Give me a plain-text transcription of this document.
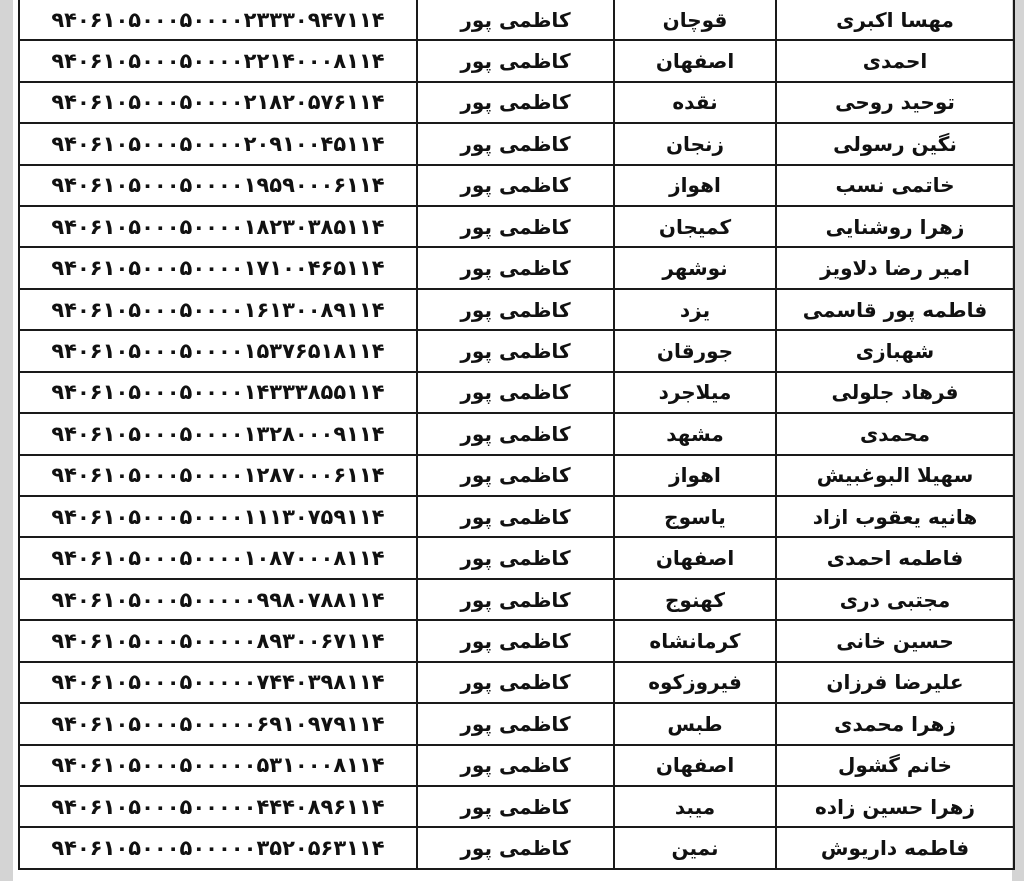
مهسا اکبری	قوچان	کاظمی پور	۹۴۰۶۱۰۵۰۰۰۵۰۰۰۰۲۳۳۳۰۹۴۷۱۱۴
احمدی	اصفهان	کاظمی پور	۹۴۰۶۱۰۵۰۰۰۵۰۰۰۰۲۲۱۴۰۰۰۸۱۱۴
توحید روحی	نقده	کاظمی پور	۹۴۰۶۱۰۵۰۰۰۵۰۰۰۰۲۱۸۲۰۵۷۶۱۱۴
نگین رسولی	زنجان	کاظمی پور	۹۴۰۶۱۰۵۰۰۰۵۰۰۰۰۲۰۹۱۰۰۴۵۱۱۴
خاتمی نسب	اهواز	کاظمی پور	۹۴۰۶۱۰۵۰۰۰۵۰۰۰۰۱۹۵۹۰۰۰۶۱۱۴
زهرا روشنایی	کمیجان	کاظمی پور	۹۴۰۶۱۰۵۰۰۰۵۰۰۰۰۱۸۲۳۰۳۸۵۱۱۴
امیر رضا دلاویز	نوشهر	کاظمی پور	۹۴۰۶۱۰۵۰۰۰۵۰۰۰۰۱۷۱۰۰۴۶۵۱۱۴
فاطمه پور قاسمی	یزد	کاظمی پور	۹۴۰۶۱۰۵۰۰۰۵۰۰۰۰۱۶۱۳۰۰۸۹۱۱۴
شهبازی	جورقان	کاظمی پور	۹۴۰۶۱۰۵۰۰۰۵۰۰۰۰۱۵۳۷۶۵۱۸۱۱۴
فرهاد جلولی	میلاجرد	کاظمی پور	۹۴۰۶۱۰۵۰۰۰۵۰۰۰۰۱۴۳۳۳۸۵۵۱۱۴
محمدی	مشهد	کاظمی پور	۹۴۰۶۱۰۵۰۰۰۵۰۰۰۰۱۳۲۸۰۰۰۹۱۱۴
سهیلا البوغبیش	اهواز	کاظمی پور	۹۴۰۶۱۰۵۰۰۰۵۰۰۰۰۱۲۸۷۰۰۰۶۱۱۴
هانیه یعقوب ازاد	یاسوج	کاظمی پور	۹۴۰۶۱۰۵۰۰۰۵۰۰۰۰۱۱۱۳۰۷۵۹۱۱۴
فاطمه احمدی	اصفهان	کاظمی پور	۹۴۰۶۱۰۵۰۰۰۵۰۰۰۰۱۰۸۷۰۰۰۸۱۱۴
مجتبی دری	کهنوج	کاظمی پور	۹۴۰۶۱۰۵۰۰۰۵۰۰۰۰۰۹۹۸۰۷۸۸۱۱۴
حسین خانی	کرمانشاه	کاظمی پور	۹۴۰۶۱۰۵۰۰۰۵۰۰۰۰۰۸۹۳۰۰۶۷۱۱۴
علیرضا فرزان	فیروزکوه	کاظمی پور	۹۴۰۶۱۰۵۰۰۰۵۰۰۰۰۰۷۴۴۰۳۹۸۱۱۴
زهرا محمدی	طبس	کاظمی پور	۹۴۰۶۱۰۵۰۰۰۵۰۰۰۰۰۶۹۱۰۹۷۹۱۱۴
خانم گشول	اصفهان	کاظمی پور	۹۴۰۶۱۰۵۰۰۰۵۰۰۰۰۰۵۳۱۰۰۰۸۱۱۴
زهرا حسین زاده	میبد	کاظمی پور	۹۴۰۶۱۰۵۰۰۰۵۰۰۰۰۰۴۴۴۰۸۹۶۱۱۴
فاطمه داریوش	نمین	کاظمی پور	۹۴۰۶۱۰۵۰۰۰۵۰۰۰۰۰۳۵۲۰۵۶۳۱۱۴
